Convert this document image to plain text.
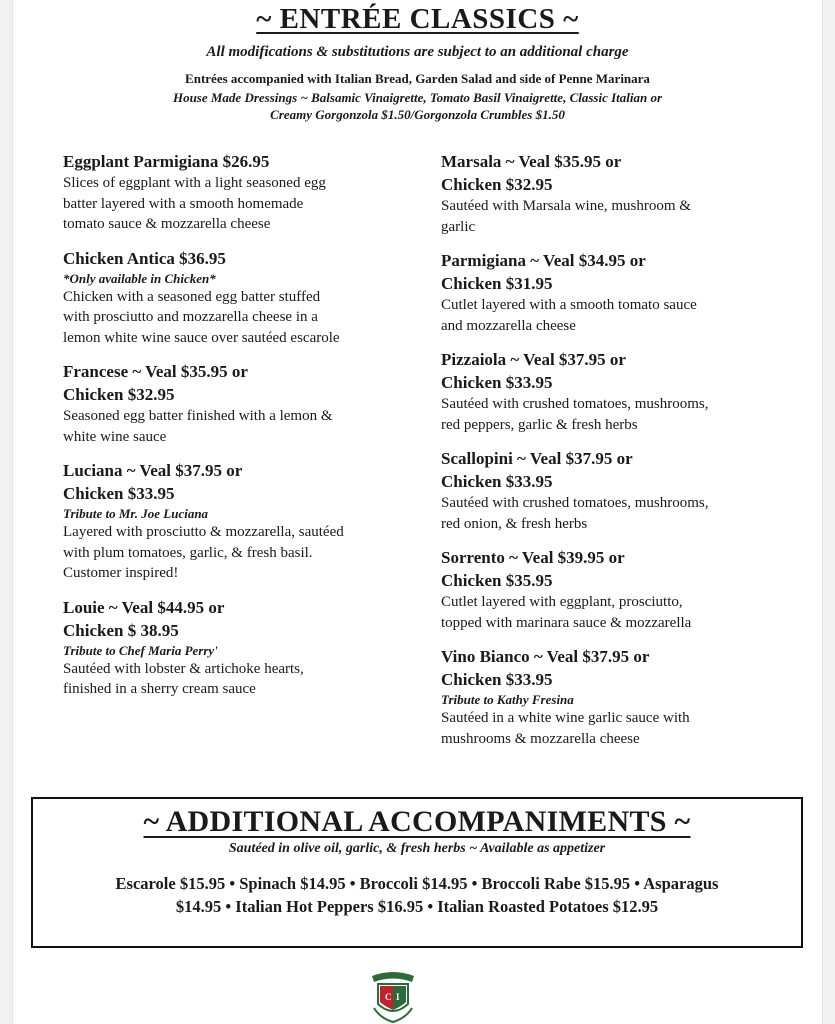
~ ENTRÉE CLASSICS ~
All modifications & substitutions are subject to an additional charge
Entrées accompanied with Italian Bread, Garden Salad and side of Penne Marinara
House Made Dressings ~ Balsamic Vinaigrette, Tomato Basil Vinaigrette, Classic Italian or
Creamy Gorgonzola $1.50/Gorgonzola Crumbles $1.50
Eggplant Parmigiana $26.95
Slices of eggplant with a light seasoned egg
batter layered with a smooth homemade
tomato sauce & mozzarella cheese
Chicken Antica $36.95
*Only available in Chicken*
Chicken with a seasoned egg batter stuffed
with prosciutto and mozzarella cheese in a
lemon white wine sauce over sautéed escarole
Francese ~ Veal $35.95 or
Chicken $32.95
Seasoned egg batter finished with a lemon &
white wine sauce
Luciana ~ Veal $37.95 or
Chicken $33.95
Tribute to Mr. Joe Luciana
Layered with prosciutto & mozzarella, sautéed
with plum tomatoes, garlic, & fresh basil.
Customer inspired!
Louie ~ Veal $44.95 or
Chicken $ 38.95
Tribute to Chef Maria Perry'
Sautéed with lobster & artichoke hearts,
finished in a sherry cream sauce
Marsala ~ Veal $35.95 or
Chicken $32.95
Sautéed with Marsala wine, mushroom &
garlic
Parmigiana ~ Veal $34.95 or
Chicken $31.95
Cutlet layered with a smooth tomato sauce
and mozzarella cheese
Pizzaiola ~ Veal $37.95 or
Chicken $33.95
Sautéed with crushed tomatoes, mushrooms,
red peppers, garlic & fresh herbs
Scallopini ~ Veal $37.95 or
Chicken $33.95
Sautéed with crushed tomatoes, mushrooms,
red onion, & fresh herbs
Sorrento ~ Veal $39.95 or
Chicken $35.95
Cutlet layered with eggplant, prosciutto,
topped with marinara sauce & mozzarella
Vino Bianco ~ Veal $37.95 or
Chicken $33.95
Tribute to Kathy Fresina
Sautéed in a white wine garlic sauce with
mushrooms & mozzarella cheese
~ ADDITIONAL ACCOMPANIMENTS ~
Sautéed in olive oil, garlic, & fresh herbs ~ Available as appetizer
Escarole $15.95 • Spinach $14.95 • Broccoli $14.95 • Broccoli Rabe $15.95 • Asparagus
$14.95 • Italian Hot Peppers $16.95 • Italian Roasted Potatoes $12.95
C I
